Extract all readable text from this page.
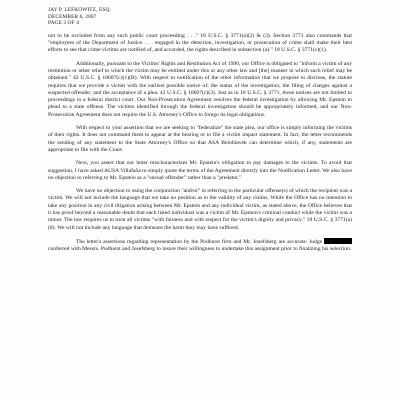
JAY P. LEFKOWITZ, ESQ.
DECEMBER 6, 2007
PAGE 3 OF 4

not to be excluded from any such public court proceeding . . ." 18 U.S.C. § 3771(a)(2) & (3). Section 3771 also commands that "employees of the Department of Justice . . . engaged in the detection, investigation, or prosecution of crime shall make their best efforts to see that crime victims are notified of, and accorded, the rights described in subsection (a)." 18 U.S.C. § 3771(c)(1).

Additionally, pursuant to the Victims' Rights and Restitution Act of 1990, our Office is obligated to "inform a victim of any restitution or other relief to which the victim may be entitled under this or any other law and [the] manner in which such relief may be obtained." 42 U.S.C. § 10607(c)(1)(B). With respect to notification of the other information that we propose to disclose, the statute requires that we provide a victim with the earliest possible notice of: the status of the investigation; the filing of charges against a suspected offender; and the acceptance of a plea. 42 U.S.C. § 10607(c)(3). Just as in 18 U.S.C. § 3771, those notices are not limited to proceedings in a federal district court. Our Non-Prosecution Agreement resolves the federal investigation by allowing Mr. Epstein to plead to a state offense. The victims identified through the federal investigation should be appropriately informed, and our Non-Prosecution Agreement does not require the U.S. Attorney's Office to forego its legal obligations.

With respect to your assertion that we are seeking to "federalize" the state plea, our office is simply informing the victims of their rights. It does not command them to appear at the hearing or to file a victim impact statement. In fact, the letter recommends the sending of any statement to the State Attorney's Office so that ASA Belohlavek can determine which, if any, statements are appropriate to file with the Court.

Next, you assert that our letter mischaracterizes Mr. Epstein's obligation to pay damages to the victims. To avoid that suggestion, I have asked AUSA Villafaña to simply quote the terms of the Agreement directly into the Notification Letter. We also have no objection to referring to Mr. Epstein as a "sexual offender" rather than a "predator."

We have no objection to using the conjunction "and/or" in referring to the particular offense(s) of which the recipient was a victim. We will not include the language that we take no position as to the validity of any claims. While the Office has no intention to take any position in any civil litigation arising between Mr. Epstein and any individual victim, as stated above, the Office believes that it has proof beyond a reasonable doubt that each listed individual was a victim of Mr. Epstein's criminal conduct while the victim was a minor. The law requires us to treat all victims "with fairness and with respect for the victim's dignity and privacy." 18 U.S.C. § 3771(a)(8). We will not include any language that demeans the harm they may have suffered.

The letter's assertions regarding representation by the Podhurst firm and Mr. Josefsberg are accurate. Judge  conferred with Messrs. Podhurst and Josefsberg to insure their willingness to undertake this assignment prior to finalizing his selection.
